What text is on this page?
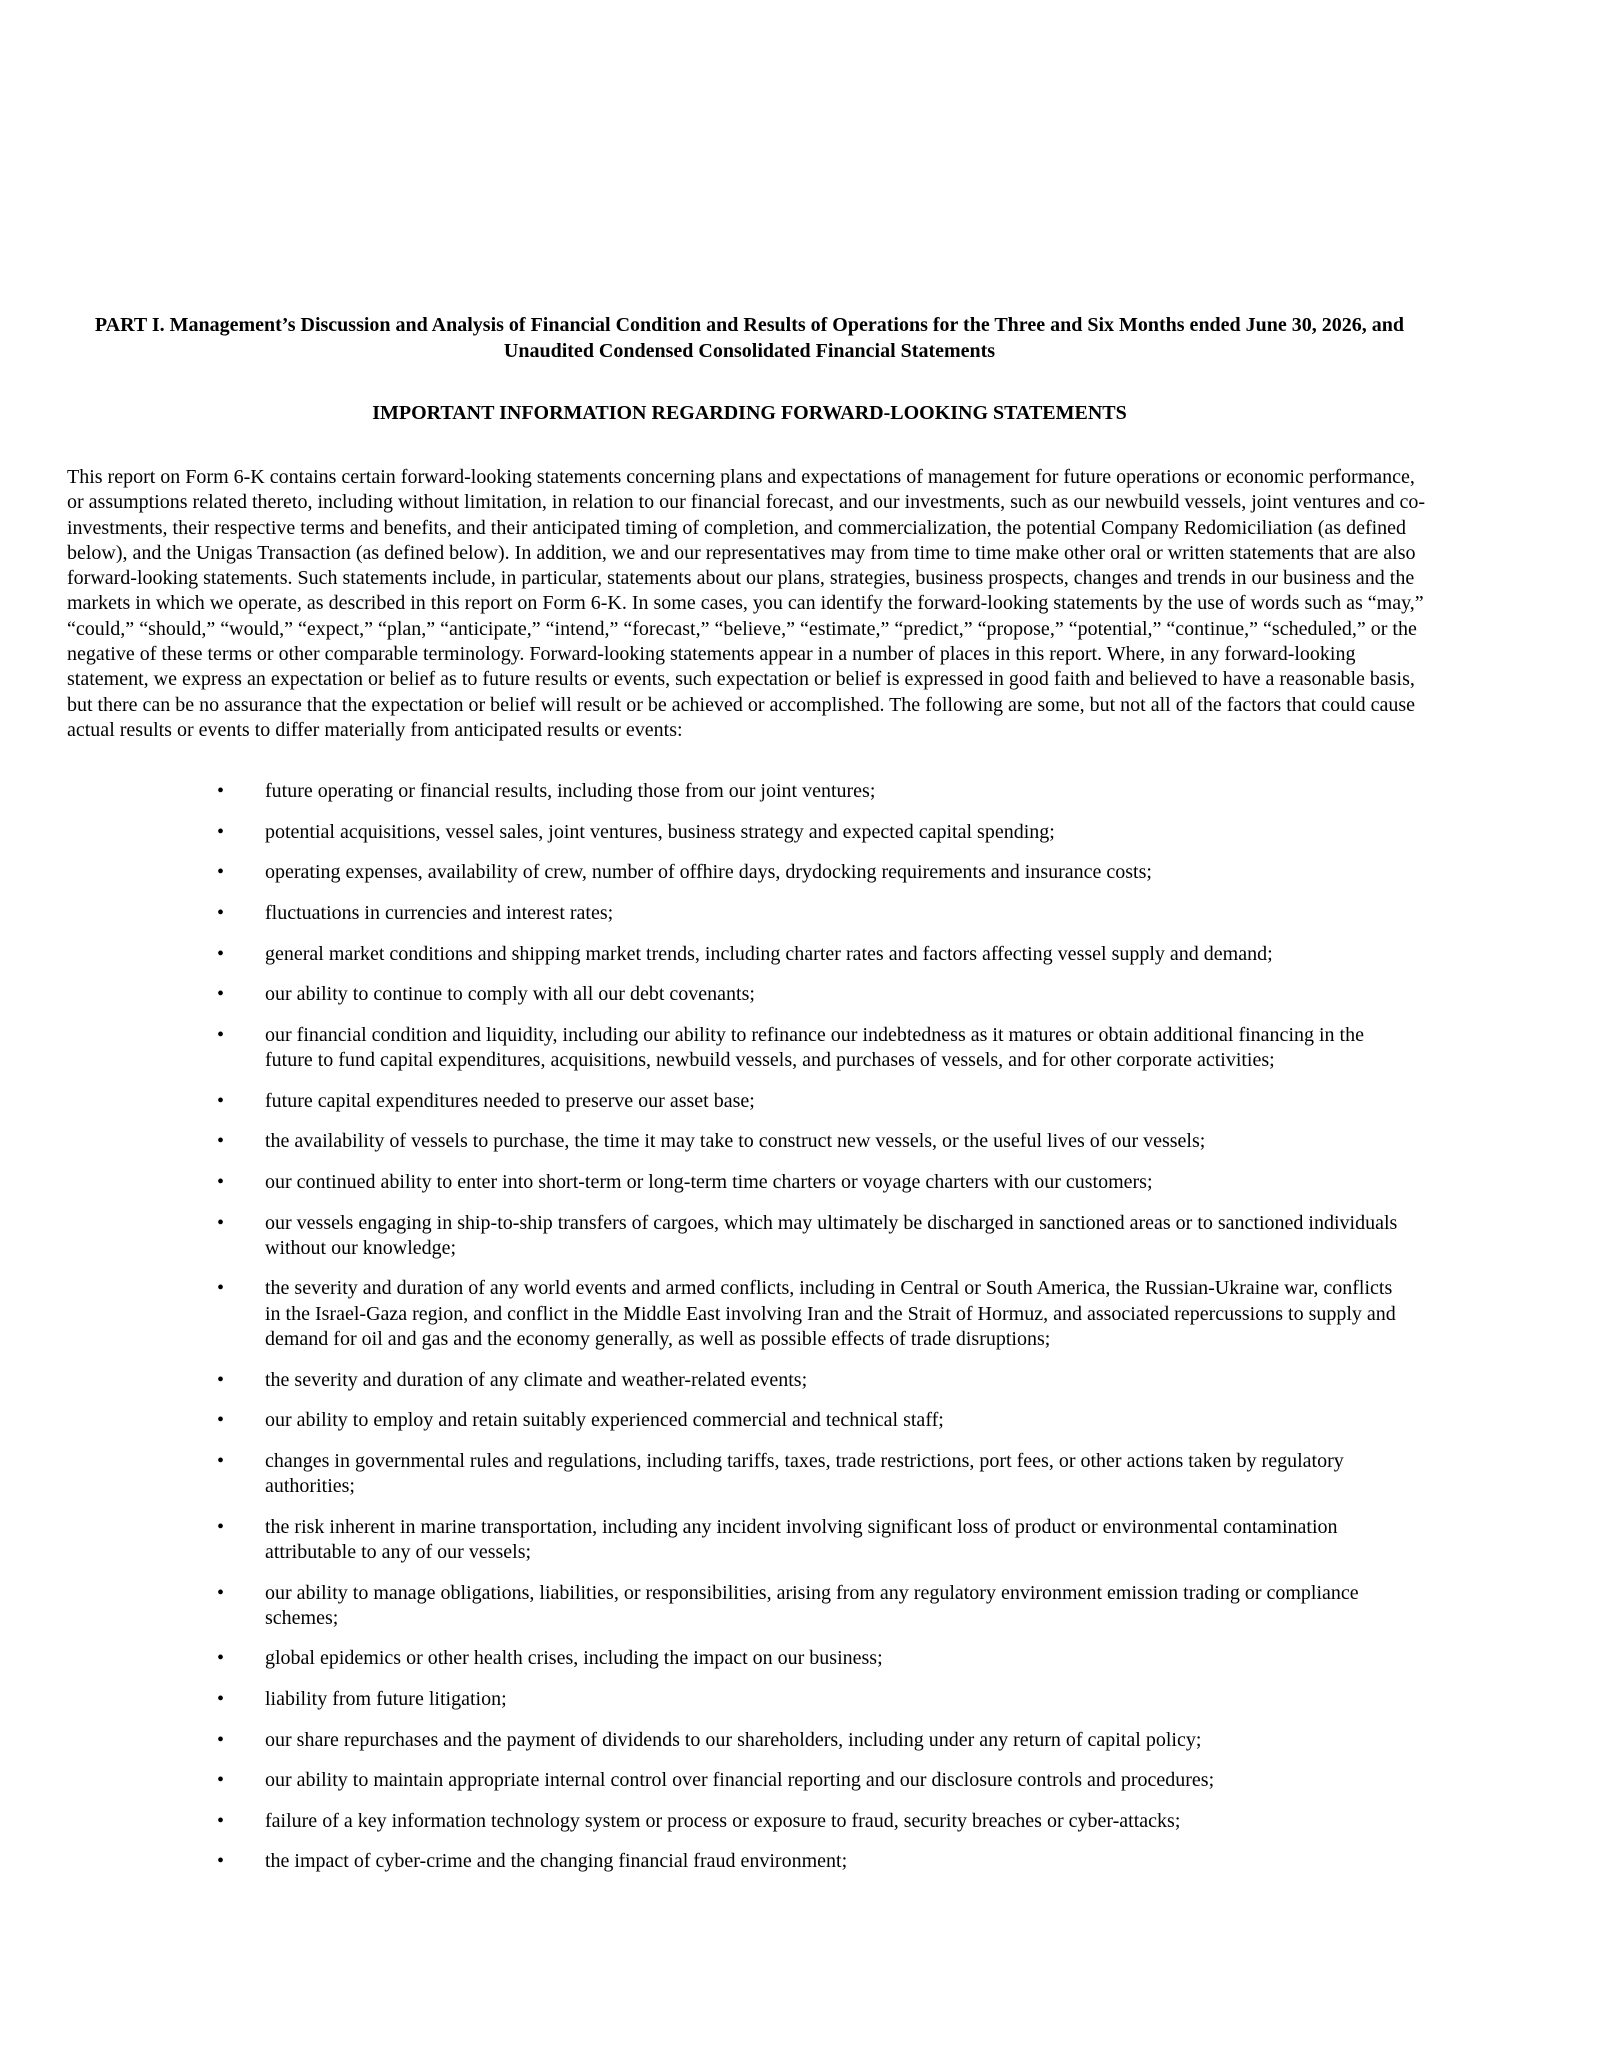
PART I. Management’s Discussion and Analysis of Financial Condition and Results of Operations for the Three and Six Months ended June 30, 2026, and Unaudited Condensed Consolidated Financial Statements
IMPORTANT INFORMATION REGARDING FORWARD-LOOKING STATEMENTS

This report on Form 6-K contains certain forward-looking statements concerning plans and expectations of management for future operations or economic performance, or assumptions related thereto, including without limitation, in relation to our financial forecast, and our investments, such as our newbuild vessels, joint ventures and co-investments, their respective terms and benefits, and their anticipated timing of completion, and commercialization, the potential Company Redomiciliation (as defined below), and the Unigas Transaction (as defined below). In addition, we and our representatives may from time to time make other oral or written statements that are also forward-looking statements. Such statements include, in particular, statements about our plans, strategies, business prospects, changes and trends in our business and the markets in which we operate, as described in this report on Form 6-K. In some cases, you can identify the forward-looking statements by the use of words such as “may,” “could,” “should,” “would,” “expect,” “plan,” “anticipate,” “intend,” “forecast,” “believe,” “estimate,” “predict,” “propose,” “potential,” “continue,” “scheduled,” or the negative of these terms or other comparable terminology. Forward-looking statements appear in a number of places in this report. Where, in any forward-looking statement, we express an expectation or belief as to future results or events, such expectation or belief is expressed in good faith and believed to have a reasonable basis, but there can be no assurance that the expectation or belief will result or be achieved or accomplished. The following are some, but not all of the factors that could cause actual results or events to differ materially from anticipated results or events:

•	future operating or financial results, including those from our joint ventures;
•	potential acquisitions, vessel sales, joint ventures, business strategy and expected capital spending;
•	operating expenses, availability of crew, number of offhire days, drydocking requirements and insurance costs;
•	fluctuations in currencies and interest rates;
•	general market conditions and shipping market trends, including charter rates and factors affecting vessel supply and demand;
•	our ability to continue to comply with all our debt covenants;
•	our financial condition and liquidity, including our ability to refinance our indebtedness as it matures or obtain additional financing in the future to fund capital expenditures, acquisitions, newbuild vessels, and purchases of vessels, and for other corporate activities;
•	future capital expenditures needed to preserve our asset base;
•	the availability of vessels to purchase, the time it may take to construct new vessels, or the useful lives of our vessels;
•	our continued ability to enter into short-term or long-term time charters or voyage charters with our customers;
•	our vessels engaging in ship-to-ship transfers of cargoes, which may ultimately be discharged in sanctioned areas or to sanctioned individuals without our knowledge;
•	the severity and duration of any world events and armed conflicts, including in Central or South America, the Russian-Ukraine war, conflicts in the Israel-Gaza region, and conflict in the Middle East involving Iran and the Strait of Hormuz, and associated repercussions to supply and demand for oil and gas and the economy generally, as well as possible effects of trade disruptions;
•	the severity and duration of any climate and weather-related events;
•	our ability to employ and retain suitably experienced commercial and technical staff;
•	changes in governmental rules and regulations, including tariffs, taxes, trade restrictions, port fees, or other actions taken by regulatory authorities;
•	the risk inherent in marine transportation, including any incident involving significant loss of product or environmental contamination attributable to any of our vessels;
•	our ability to manage obligations, liabilities, or responsibilities, arising from any regulatory environment emission trading or compliance schemes;
•	global epidemics or other health crises, including the impact on our business;
•	liability from future litigation;
•	our share repurchases and the payment of dividends to our shareholders, including under any return of capital policy;
•	our ability to maintain appropriate internal control over financial reporting and our disclosure controls and procedures;
•	failure of a key information technology system or process or exposure to fraud, security breaches or cyber-attacks;
•	the impact of cyber-crime and the changing financial fraud environment;
